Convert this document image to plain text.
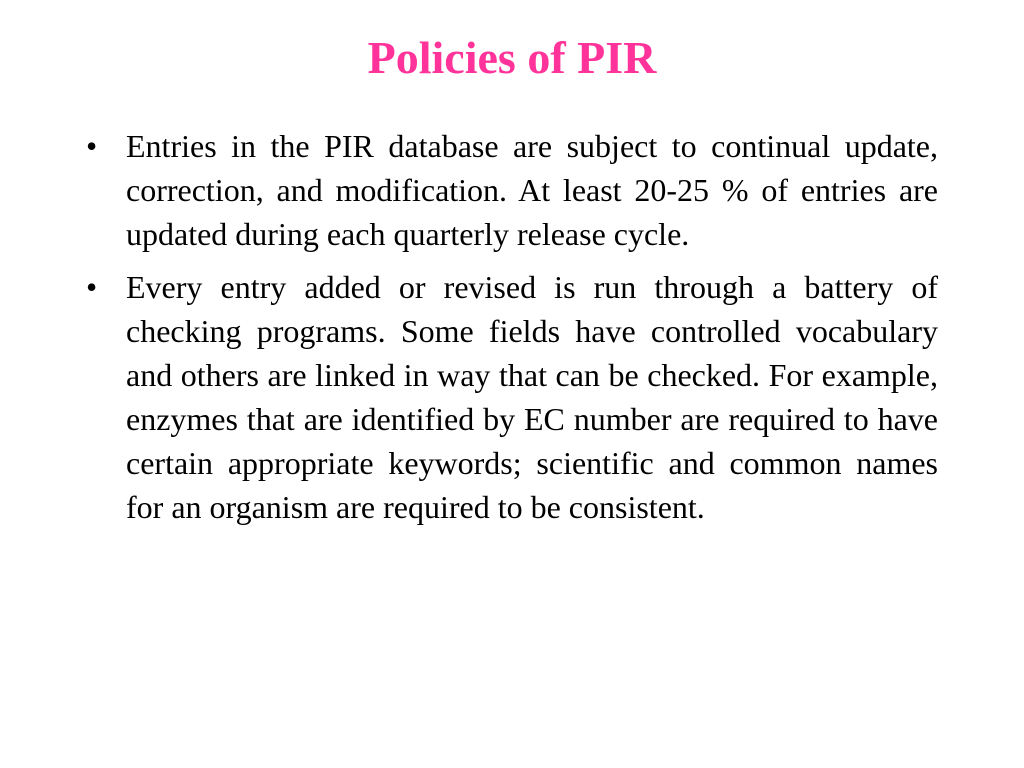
Policies of PIR
• Entries in the PIR database are subject to continual update, correction, and modification. At least 20-25 % of entries are updated during each quarterly release cycle.
• Every entry added or revised is run through a battery of checking programs. Some fields have controlled vocabulary and others are linked in way that can be checked. For example, enzymes that are identified by EC number are required to have certain appropriate keywords; scientific and common names for an organism are required to be consistent.
